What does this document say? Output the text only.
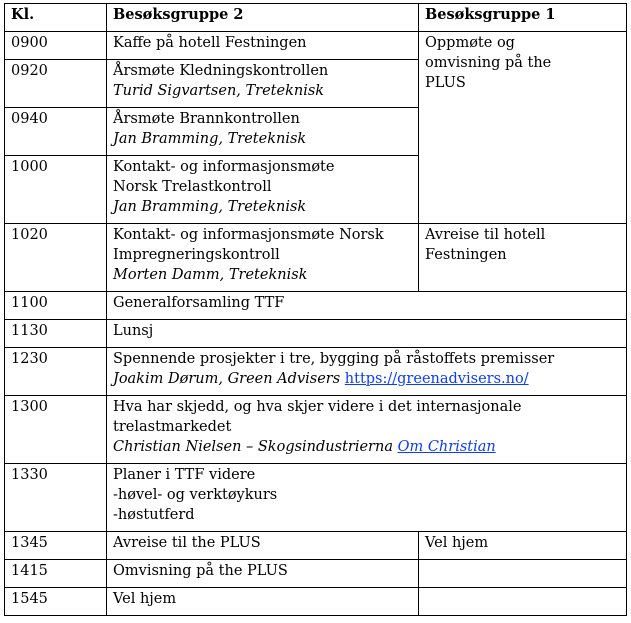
Kl.	Besøksgruppe 2	Besøksgruppe 1
0900	Kaffe på hotell Festningen	Oppmøte og
omvisning på the
PLUS

0920	Årsmøte Kledningskontrollen
Turid Sigvartsen, Treteknisk	

0940	Årsmøte Brannkontrollen
Jan Bramming, Treteknisk	

1000	Kontakt- og informasjonsmøte
Norsk Trelastkontroll
Jan Bramming, Treteknisk	

1020	Kontakt- og informasjonsmøte Norsk
Impregneringskontroll
Morten Damm, Treteknisk	Avreise til hotell
Festningen

1100	Generalforsamling TTF	

1130	Lunsj	

1230	Spennende prosjekter i tre, bygging på råstoffets premisser
Joakim Dørum, Green Advisers https://greenadvisers.no/	

1300	Hva har skjedd, og hva skjer videre i det internasjonale
trelastmarkedet
Christian Nielsen – Skogsindustrierna Om Christian	

1330	Planer i TTF videre
-høvel- og verktøykurs
-høstutferd	

1345	Avreise til the PLUS	Vel hjem

1415	Omvisning på the PLUS	

1545	Vel hjem	
